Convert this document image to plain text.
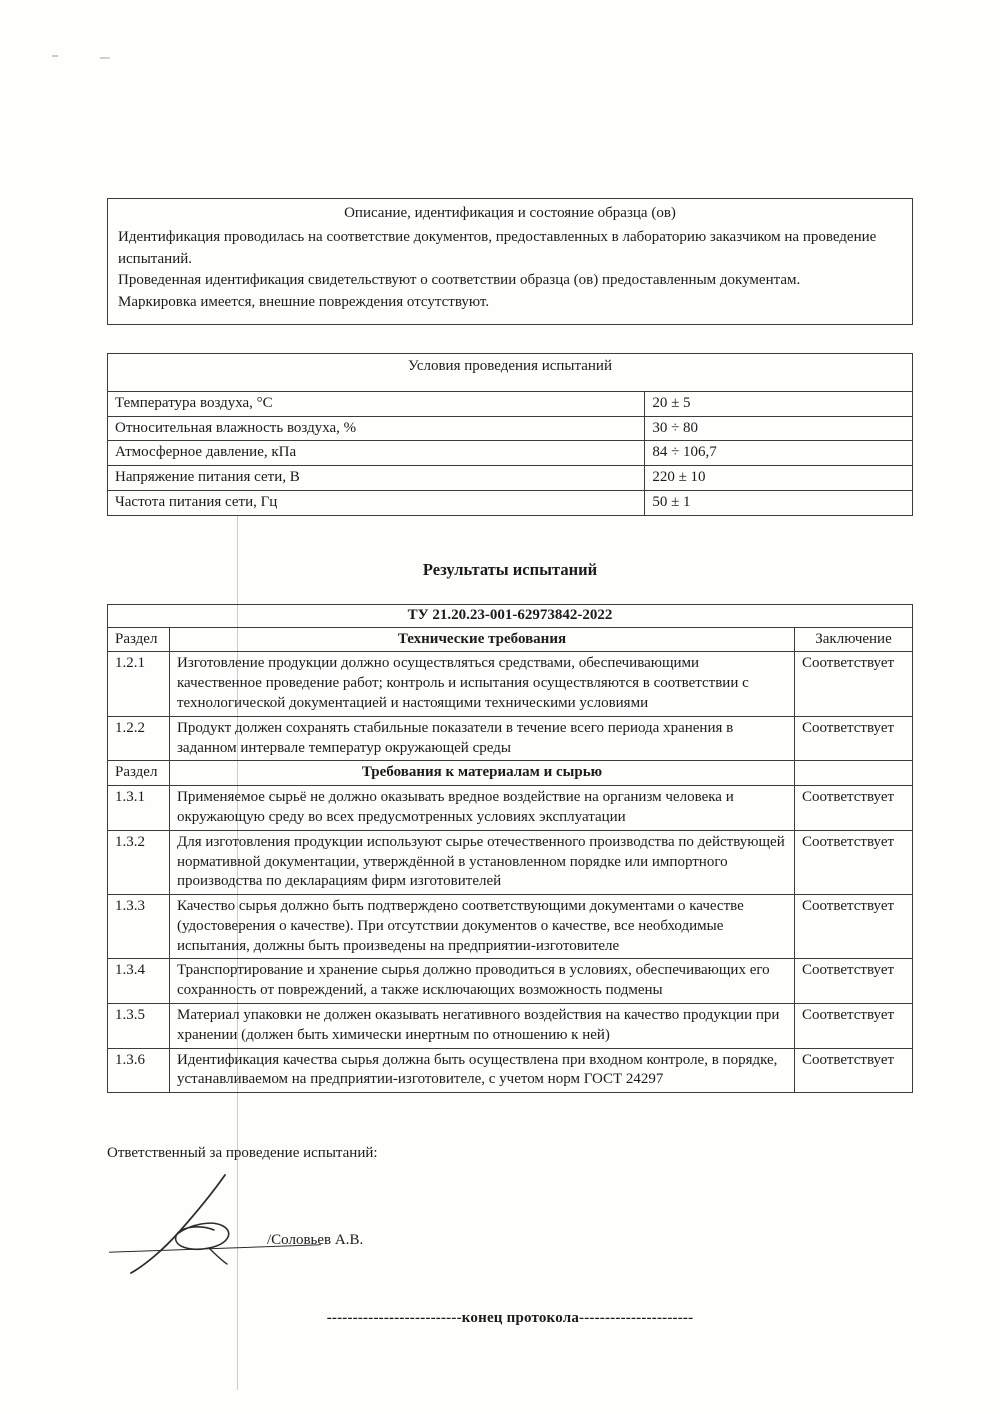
Описание, идентификация и состояние образца (ов)
Идентификация проводилась на соответствие документов, предоставленных в лабораторию заказчиком на проведение испытаний.
Проведенная идентификация свидетельствуют о соответствии образца (ов) предоставленным документам.
Маркировка имеется, внешние повреждения отсутствуют.
Условия проведения испытаний	
Температура воздуха, °С	20 ± 5
Относительная влажность воздуха, %	30 ÷ 80
Атмосферное давление, кПа	84 ÷ 106,7
Напряжение питания сети, В	220 ± 10
Частота питания сети, Гц	50 ± 1
Результаты испытаний
ТУ 21.20.23-001-62973842-2022		
Раздел	Технические требования	Заключение
1.2.1	Изготовление продукции должно осуществляться средствами, обеспечивающими качественное проведение работ; контроль и испытания осуществляются в соответствии с технологической документацией и настоящими техническими условиями	Соответствует
1.2.2	Продукт должен сохранять стабильные показатели в течение всего периода хранения в заданном интервале температур окружающей среды	Соответствует
Раздел	Требования к материалам и сырью	
1.3.1	Применяемое сырьё не должно оказывать вредное воздействие на организм человека и окружающую среду во всех предусмотренных условиях эксплуатации	Соответствует
1.3.2	Для изготовления продукции используют сырье отечественного производства по действующей нормативной документации, утверждённой в установленном порядке или импортного производства по декларациям фирм изготовителей	Соответствует
1.3.3	Качество сырья должно быть подтверждено соответствующими документами о качестве (удостоверения о качестве). При отсутствии документов о качестве, все необходимые испытания, должны быть произведены на предприятии-изготовителе	Соответствует
1.3.4	Транспортирование и хранение сырья должно проводиться в условиях, обеспечивающих его сохранность от повреждений, а также исключающих возможность подмены	Соответствует
1.3.5	Материал упаковки не должен оказывать негативного воздействия на качество продукции при хранении (должен быть химически инертным по отношению к ней)	Соответствует
1.3.6	Идентификация качества сырья должна быть осуществлена при входном контроле, в порядке, устанавливаемом на предприятии-изготовителе, с учетом норм ГОСТ 24297	Соответствует
Ответственный за проведение испытаний:
/Соловьев А.В.
--------------------------конец протокола----------------------
